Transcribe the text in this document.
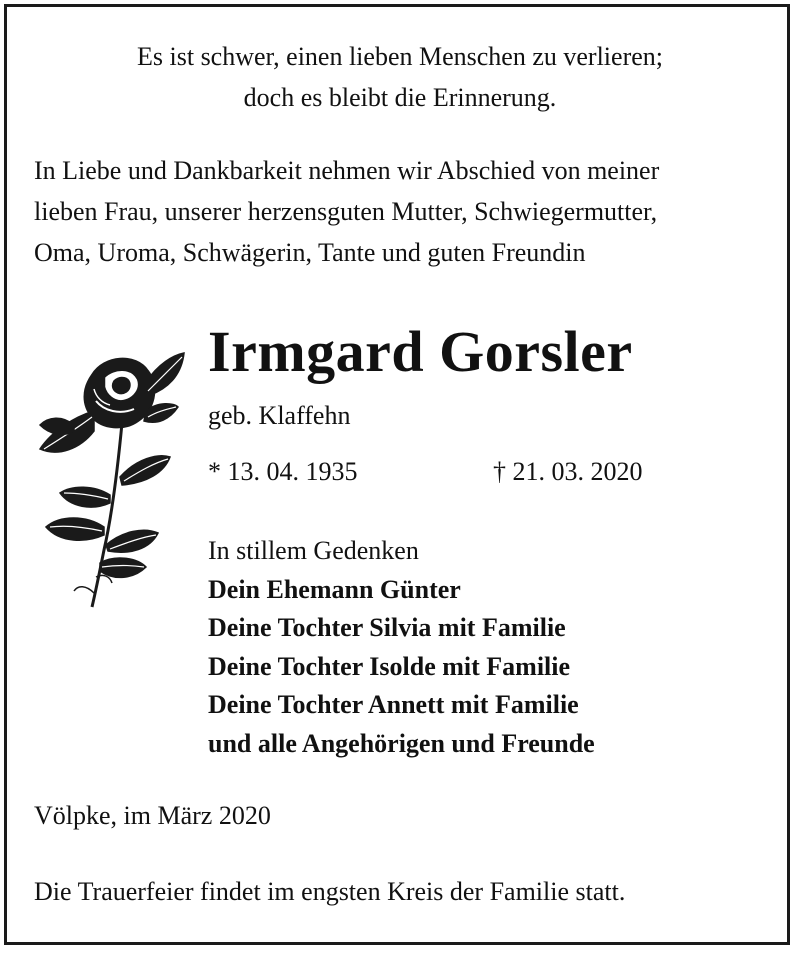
Es ist schwer, einen lieben Menschen zu verlieren;
doch es bleibt die Erinnerung.
In Liebe und Dankbarkeit nehmen wir Abschied von meiner
lieben Frau, unserer herzensguten Mutter, Schwiegermutter,
Oma, Uroma, Schwägerin, Tante und guten Freundin
Irmgard Gorsler
geb. Klaffehn
* 13. 04. 1935	† 21. 03. 2020
In stillem Gedenken
Dein Ehemann Günter
Deine Tochter Silvia mit Familie
Deine Tochter Isolde mit Familie
Deine Tochter Annett mit Familie
und alle Angehörigen und Freunde
Völpke, im März 2020
Die Trauerfeier findet im engsten Kreis der Familie statt.
